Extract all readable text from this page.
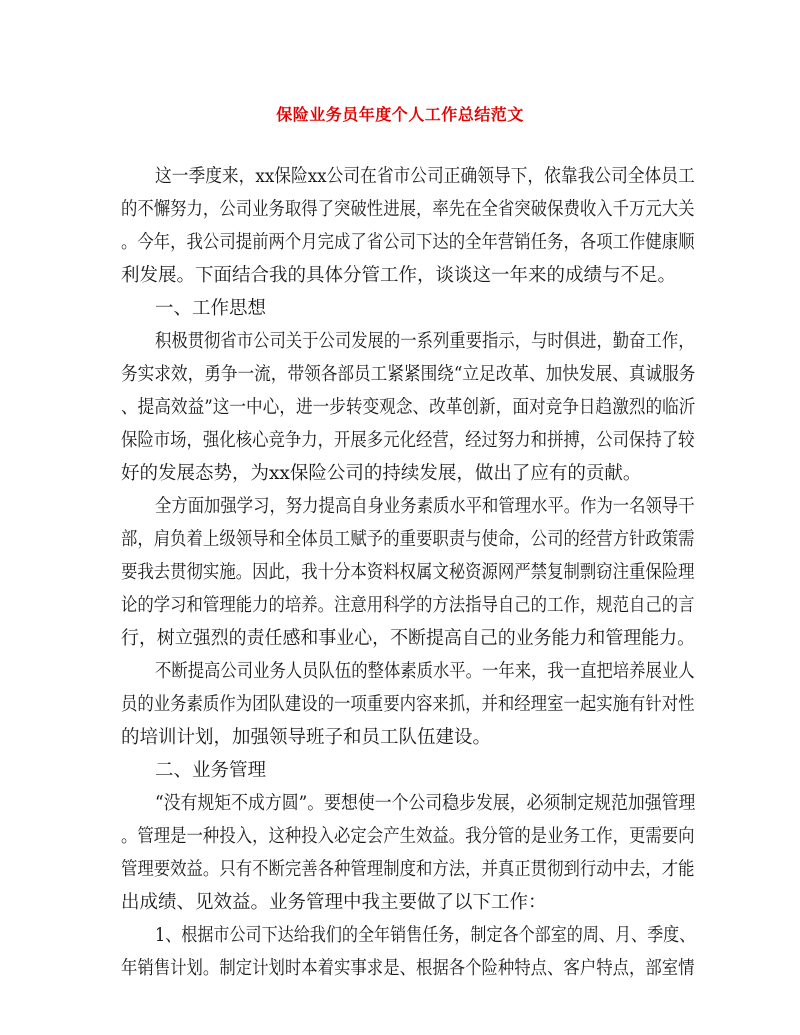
保险业务员年度个人工作总结范文
这一季度来，xx保险xx公司在省市公司正确领导下，依靠我公司全体员工
的不懈努力，公司业务取得了突破性进展，率先在全省突破保费收入千万元大关
。今年，我公司提前两个月完成了省公司下达的全年营销任务，各项工作健康顺
利发展。下面结合我的具体分管工作，谈谈这一年来的成绩与不足。
一、工作思想
积极贯彻省市公司关于公司发展的一系列重要指示，与时俱进，勤奋工作，
务实求效，勇争一流，带领各部员工紧紧围绕“立足改革、加快发展、真诚服务
、提高效益”这一中心，进一步转变观念、改革创新，面对竞争日趋激烈的临沂
保险市场，强化核心竞争力，开展多元化经营，经过努力和拼搏，公司保持了较
好的发展态势，为xx保险公司的持续发展，做出了应有的贡献。
全方面加强学习，努力提高自身业务素质水平和管理水平。作为一名领导干
部，肩负着上级领导和全体员工赋予的重要职责与使命，公司的经营方针政策需
要我去贯彻实施。因此，我十分本资料权属文秘资源网严禁复制剽窃注重保险理
论的学习和管理能力的培养。注意用科学的方法指导自己的工作，规范自己的言
行，树立强烈的责任感和事业心，不断提高自己的业务能力和管理能力。
不断提高公司业务人员队伍的整体素质水平。一年来，我一直把培养展业人
员的业务素质作为团队建设的一项重要内容来抓，并和经理室一起实施有针对性
的培训计划，加强领导班子和员工队伍建设。
二、业务管理
“没有规矩不成方圆”。要想使一个公司稳步发展，必须制定规范加强管理
。管理是一种投入，这种投入必定会产生效益。我分管的是业务工作，更需要向
管理要效益。只有不断完善各种管理制度和方法，并真正贯彻到行动中去，才能
出成绩、见效益。业务管理中我主要做了以下工作：
1、根据市公司下达给我们的全年销售任务，制定各个部室的周、月、季度、
年销售计划。制定计划时本着实事求是、根据各个险种特点、客户特点，部室情
